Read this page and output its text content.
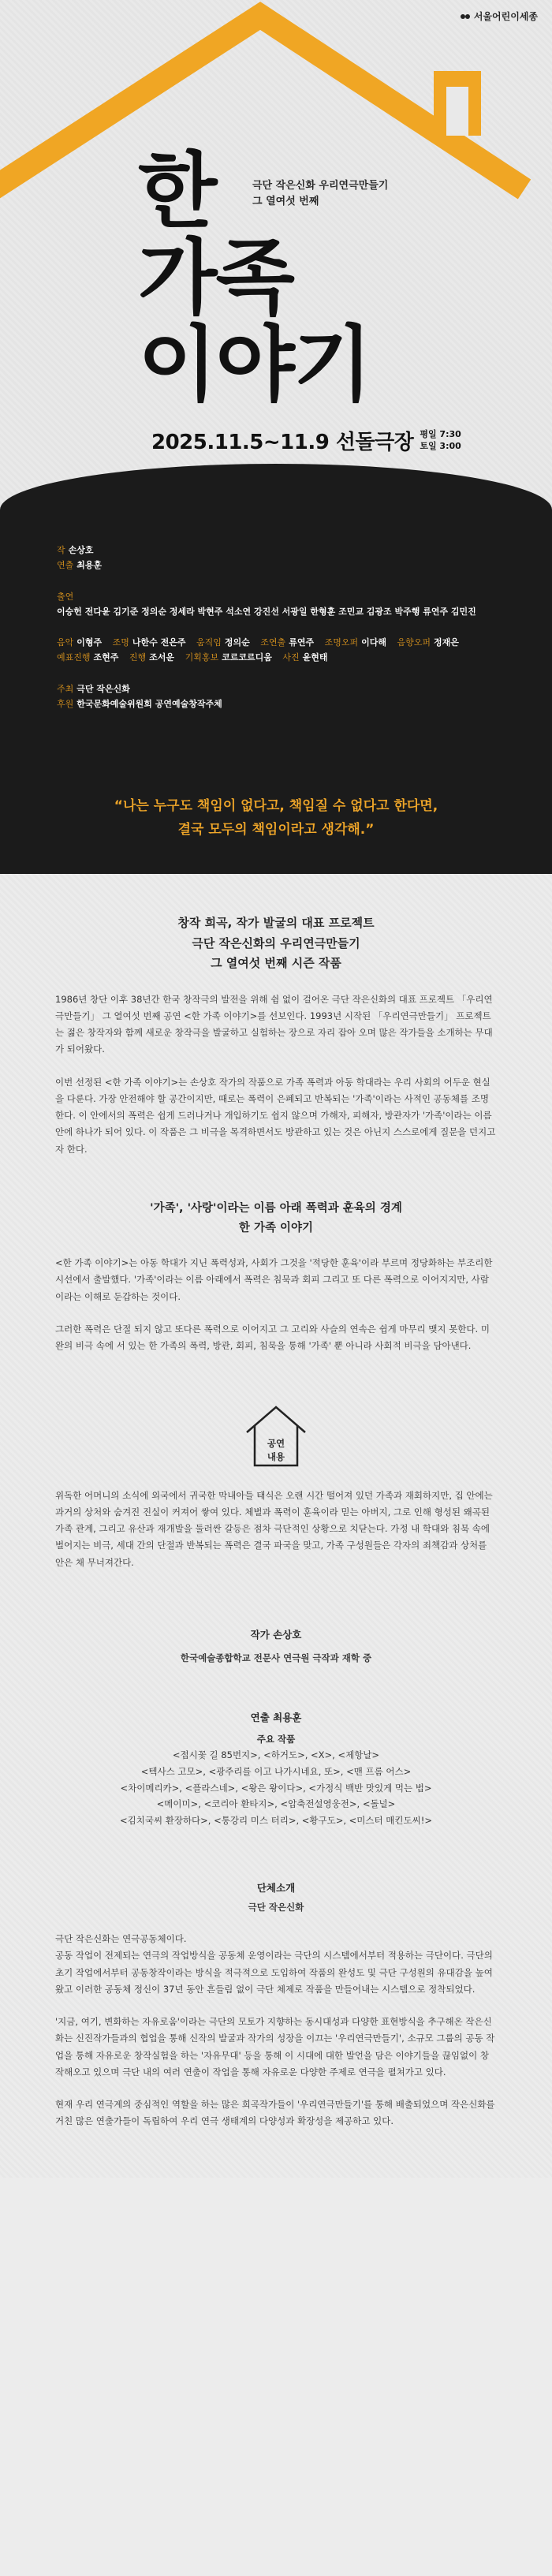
서울어린이세종
한	극단 작은신화 우리연극만들기
그 열여섯 번째
가족
이야기
2025.11.5~11.9 선돌극장 평일 7:30
토일 3:00
작 손상호
연출 최용훈
출연
이승헌 전다윤 김기준 정의순 정세라 박현주 석소연 강진선 서광일 한형훈 조민교 김광조 박주행 류연주 김민진
음악 이형주 조명 나한수 전은주 움직임 정의순 조연출 류연주 조명오퍼 이다해 음향오퍼 정재은
예표진행 조현주 진행 조서운 기획홍보 코르코르디움 사진 윤현태
주최 극단 작은신화
후원 한국문화예술위원회 공연예술창작주체
“나는 누구도 책임이 없다고, 책임질 수 없다고 한다면,
결국 모두의 책임이라고 생각해.”
창작 희곡, 작가 발굴의 대표 프로젝트
극단 작은신화의 우리연극만들기
그 열여섯 번째 시즌 작품

1986년 창단 이후 38년간 한국 창작극의 발전을 위해 쉼 없이 걸어온 극단 작은신화의 대표 프로젝트 「우리연극만들기」 그 열여섯 번째 공연 <한 가족 이야기>를 선보인다. 1993년 시작된 「우리연극만들기」 프로젝트는 젊은 창작자와 함께 새로운 창작극을 발굴하고 실험하는 장으로 자리 잡아 오며 많은 작가들을 소개하는 무대가 되어왔다.

이번 선정된 <한 가족 이야기>는 손상호 작가의 작품으로 가족 폭력과 아동 학대라는 우리 사회의 어두운 현실을 다룬다. 가장 안전해야 할 공간이지만, 때로는 폭력이 은폐되고 반복되는 '가족'이라는 사적인 공동체를 조명한다. 이 안에서의 폭력은 쉽게 드러나거나 개입하기도 쉽지 않으며 가해자, 피해자, 방관자가 '가족'이라는 이름 안에 하나가 되어 있다. 이 작품은 그 비극을 목격하면서도 방관하고 있는 것은 아닌지 스스로에게 질문을 던지고자 한다.

'가족', '사랑'이라는 이름 아래 폭력과 훈육의 경계
한 가족 이야기

<한 가족 이야기>는 아동 학대가 지닌 폭력성과, 사회가 그것을 '적당한 훈육'이라 부르며 정당화하는 부조리한 시선에서 출발했다. '가족'이라는 이름 아래에서 폭력은 침묵과 회피 그리고 또 다른 폭력으로 이어지지만, 사람이라는 이해로 둔갑하는 것이다.

그러한 폭력은 단절 되지 않고 또다른 폭력으로 이어지고 그 고리와 사슬의 연속은 쉽게 마무리 맺지 못한다. 미완의 비극 속에 서 있는 한 가족의 폭력, 방관, 회피, 침묵을 통해 '가족' 뿐 아니라 사회적 비극을 담아낸다.

공연
내용

위독한 어머니의 소식에 외국에서 귀국한 막내아들 태식은 오랜 시간 떨어져 있던 가족과 재회하지만, 집 안에는 과거의 상처와 숨겨진 진실이 커져어 쌓여 있다. 체벌과 폭력이 훈육이라 믿는 아버지, 그로 인해 형성된 왜곡된 가족 관계, 그리고 유산과 재개발을 둘러싼 갈등은 점차 극단적인 상황으로 치닫는다. 가정 내 학대와 침묵 속에 벌어지는 비극, 세대 간의 단절과 반복되는 폭력은 결국 파국을 맞고, 가족 구성원들은 각자의 죄책감과 상처를 안은 채 무너져간다.

작가 손상호
한국예술종합학교 전문사 연극원 극작과 재학 중
연출 최용훈
주요 작품
<접시꽃 길 85번지>, <하거도>, <X>, <제항날>
<텍사스 고모>, <광주리를 이고 나가시네요, 또>, <맨 프롬 어스>
<차이메리카>, <플라스네>, <왕은 왕이다>, <가정식 백반 맛있게 먹는 법>
<메이미>, <코리아 환타지>, <압축전설영웅전>, <돌널>
<김치국씨 환장하다>, <통강리 미스 터리>, <황구도>, <미스터 매킨도씨!>
단체소개
극단 작은신화

극단 작은신화는 연극공동체이다.
공동 작업이 전제되는 연극의 작업방식을 공동체 운영이라는 극단의 시스템에서부터 적용하는 극단이다. 극단의 초기 작업에서부터 공동창작이라는 방식을 적극적으로 도입하여 작품의 완성도 및 극단 구성원의 유대감을 높여왔고 이러한 공동체 정신이 37년 동안 흔들림 없이 극단 체제로 작품을 만들어내는 시스템으로 정착되었다.

'지금, 여기, 변화하는 자유로움'이라는 극단의 모토가 지향하는 동시대성과 다양한 표현방식을 추구해온 작은신화는 신진작가들과의 협업을 통해 신작의 발굴과 작가의 성장을 이끄는 '우리연극만들기', 소규모 그룹의 공동 작업을 통해 자유로운 창작실험을 하는 '자유무대' 등을 통해 이 시대에 대한 발언을 담은 이야기들을 끊임없이 창작해오고 있으며 극단 내의 여러 연출이 작업을 통해 자유로운 다양한 주제로 연극을 펼쳐가고 있다.

현재 우리 연극계의 중심적인 역할을 하는 많은 희곡작가들이 '우리연극만들기'를 통해 배출되었으며 작은신화를 거친 많은 연출가들이 독립하여 우리 연극 생태계의 다양성과 확장성을 제공하고 있다.
